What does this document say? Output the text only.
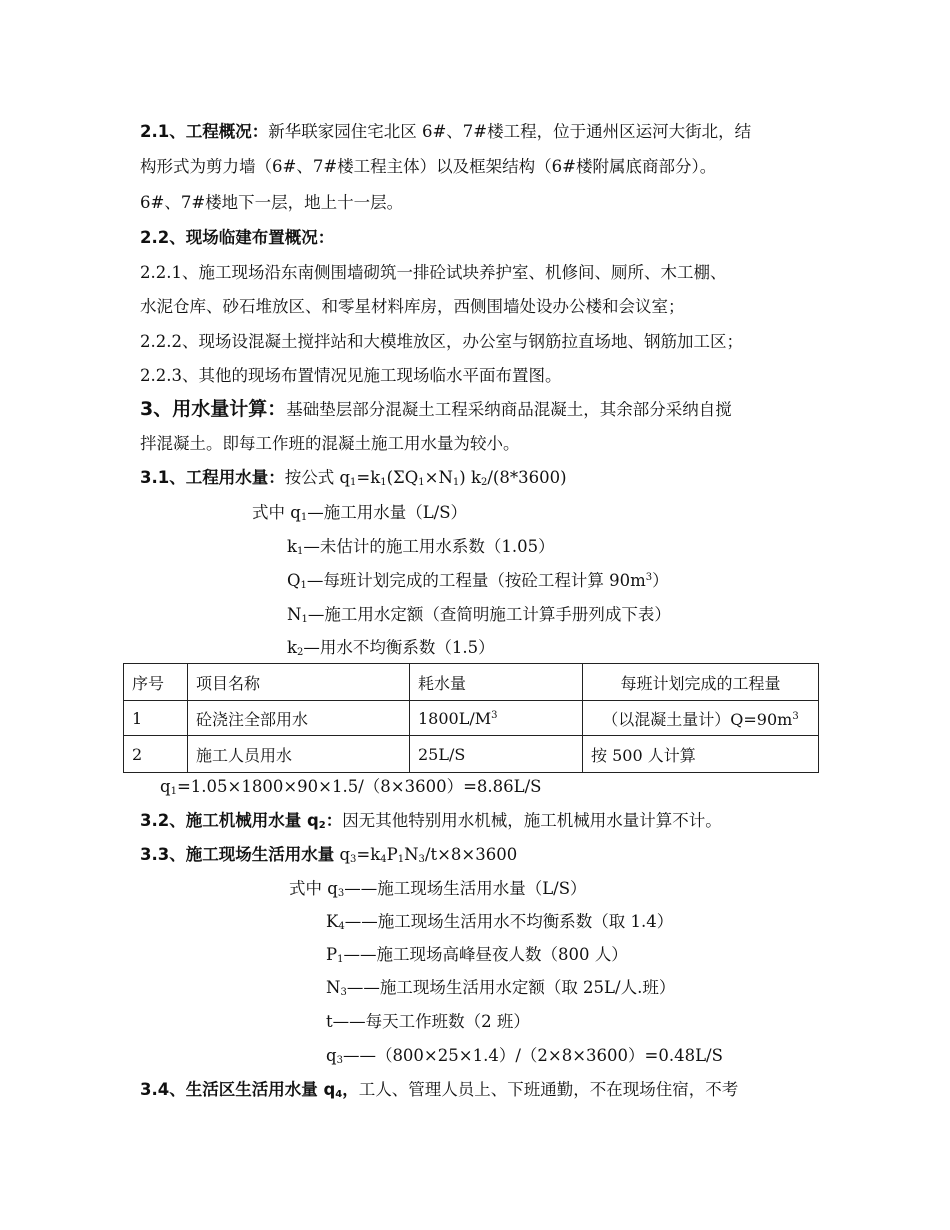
2.1、工程概况：新华联家园住宅北区 6#、7#楼工程，位于通州区运河大街北，结
构形式为剪力墙（6#、7#楼工程主体）以及框架结构（6#楼附属底商部分）。
6#、7#楼地下一层，地上十一层。
2.2、现场临建布置概况：
2.2.1、施工现场沿东南侧围墙砌筑一排砼试块养护室、机修间、厕所、木工棚、
水泥仓库、砂石堆放区、和零星材料库房，西侧围墙处设办公楼和会议室；
2.2.2、现场设混凝土搅拌站和大模堆放区，办公室与钢筋拉直场地、钢筋加工区；
2.2.3、其他的现场布置情况见施工现场临水平面布置图。
3、用水量计算：基础垫层部分混凝土工程采纳商品混凝土，其余部分采纳自搅
拌混凝土。即每工作班的混凝土施工用水量为较小。
3.1、工程用水量：按公式 $q_1=k_1(\Sigma Q_1\times N_1)$ $k_2/(8*3600)$
式中 $q_1—$施工用水量（L/S）
$k_1—$未估计的施工用水系数（1.05）
$Q_1—$每班计划完成的工程量（按砼工程计算 $90m^3$）
$N_1—$施工用水定额（查简明施工计算手册列成下表）
$k_2—$用水不均衡系数（1.5）
序号	项目名称	耗水量	每班计划完成的工程量
1	砼浇注全部用水	$1800L/M^3$	（以混凝土量计）$Q=90m^3$
2	施工人员用水	25L/S	按 500 人计算
$q_1=1.05\times 1800\times 90\times 1.5/(8\times 3600)=8.86L/S$
3.2、施工机械用水量 $q_2$：因无其他特别用水机械，施工机械用水量计算不计。
3.3、施工现场生活用水量 $q_3=k_4P_1N_3/t\times 8\times 3600$
式中 $q_3——$施工现场生活用水量（L/S）
$K_4——$施工现场生活用水不均衡系数（取 1.4）
$P_1——$施工现场高峰昼夜人数（800 人）
$N_3——$施工现场生活用水定额（取 25L/人.班）
t——每天工作班数（2 班）
$q_3——(800\times 25\times 1.4)/(2\times 8\times 3600)=0.48L/S$
3.4、生活区生活用水量 $q_4$，工人、管理人员上、下班通勤，不在现场住宿，不考
